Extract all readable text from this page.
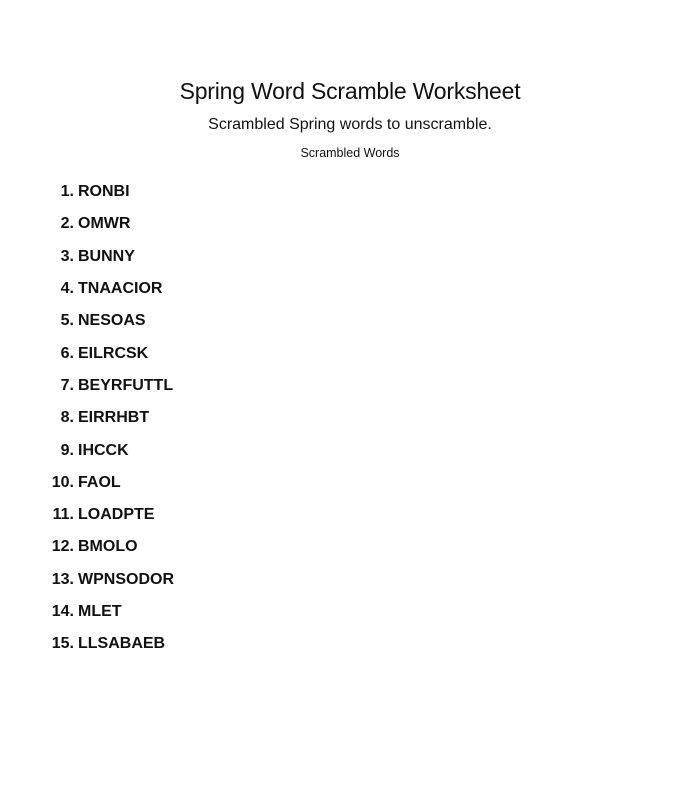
Spring Word Scramble Worksheet
Scrambled Spring words to unscramble.
Scrambled Words
1. RONBI
2. OMWR
3. BUNNY
4. TNAACIOR
5. NESOAS
6. EILRCSK
7. BEYRFUTTL
8. EIRRHBT
9. IHCCK
10. FAOL
11. LOADPTE
12. BMOLO
13. WPNSODOR
14. MLET
15. LLSABAEB
